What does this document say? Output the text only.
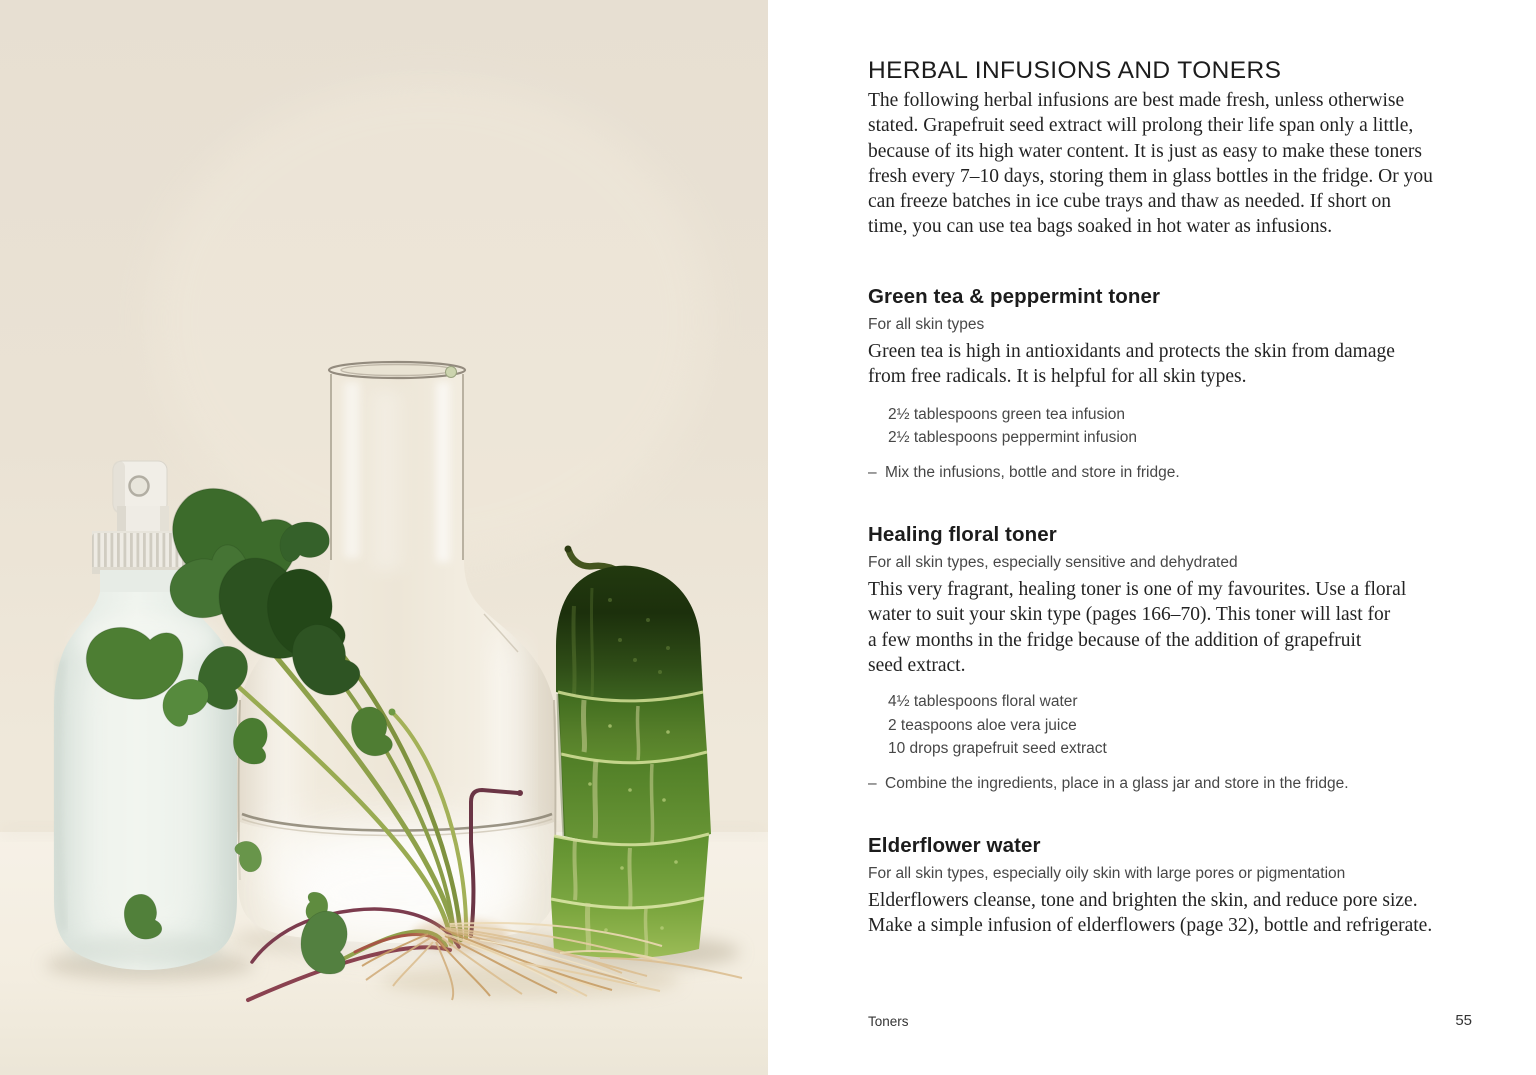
HERBAL INFUSIONS AND TONERS
The following herbal infusions are best made fresh, unless otherwise
stated. Grapefruit seed extract will prolong their life span only a little,
because of its high water content. It is just as easy to make these toners
fresh every 7–10 days, storing them in glass bottles in the fridge. Or you
can freeze batches in ice cube trays and thaw as needed. If short on
time, you can use tea bags soaked in hot water as infusions.
Green tea & peppermint toner
For all skin types
Green tea is high in antioxidants and protects the skin from damage
from free radicals. It is helpful for all skin types.
2½ tablespoons green tea infusion
2½ tablespoons peppermint infusion
– Mix the infusions, bottle and store in fridge.
Healing floral toner
For all skin types, especially sensitive and dehydrated
This very fragrant, healing toner is one of my favourites. Use a floral
water to suit your skin type (pages 166–70). This toner will last for
a few months in the fridge because of the addition of grapefruit
seed extract.
4½ tablespoons floral water
2 teaspoons aloe vera juice
10 drops grapefruit seed extract
– Combine the ingredients, place in a glass jar and store in the fridge.
Elderflower water
For all skin types, especially oily skin with large pores or pigmentation
Elderflowers cleanse, tone and brighten the skin, and reduce pore size.
Make a simple infusion of elderflowers (page 32), bottle and refrigerate.
Toners	55
